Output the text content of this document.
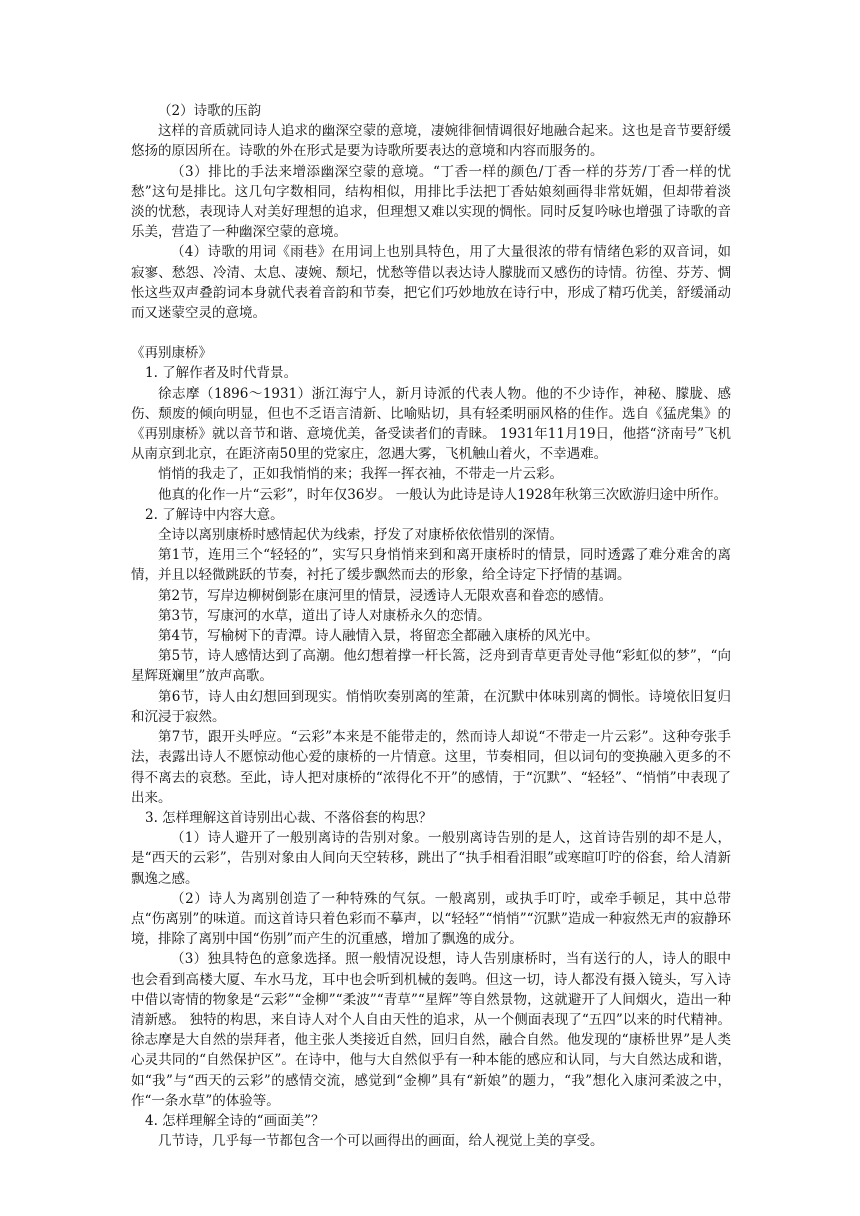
（2）诗歌的压韵

这样的音质就同诗人追求的幽深空蒙的意境，凄婉徘徊情调很好地融合起来。这也是音节要舒缓悠扬的原因所在。诗歌的外在形式是要为诗歌所要表达的意境和内容而服务的。

（3）排比的手法来增添幽深空蒙的意境。“丁香一样的颜色/丁香一样的芬芳/丁香一样的忧愁”这句是排比。这几句字数相同，结构相似，用排比手法把丁香姑娘刻画得非常妩媚，但却带着淡淡的忧愁，表现诗人对美好理想的追求，但理想又难以实现的惆怅。同时反复吟咏也增强了诗歌的音乐美，营造了一种幽深空蒙的意境。

（4）诗歌的用词《雨巷》在用词上也别具特色，用了大量很浓的带有情绪色彩的双音词，如寂寥、愁怨、冷清、太息、凄婉、颓圮，忧愁等借以表达诗人朦胧而又感伤的诗情。彷徨、芬芳、惆怅这些双声叠韵词本身就代表着音韵和节奏，把它们巧妙地放在诗行中，形成了精巧优美，舒缓涌动而又迷蒙空灵的意境。

《再别康桥》

1. 了解作者及时代背景。

徐志摩（1896～1931）浙江海宁人，新月诗派的代表人物。他的不少诗作，神秘、朦胧、感伤、颓废的倾向明显，但也不乏语言清新、比喻贴切，具有轻柔明丽风格的佳作。选自《猛虎集》的《再别康桥》就以音节和谐、意境优美，备受读者们的青睐。 1931年11月19日，他搭“济南号”飞机从南京到北京，在距济南50里的党家庄，忽遇大雾，飞机触山着火，不幸遇难。

悄悄的我走了，正如我悄悄的来；我挥一挥衣袖，不带走一片云彩。

他真的化作一片“云彩”，时年仅36岁。 一般认为此诗是诗人1928年秋第三次欧游归途中所作。

2. 了解诗中内容大意。

全诗以离别康桥时感情起伏为线索，抒发了对康桥依依惜别的深情。

第1节，连用三个“轻轻的”，实写只身悄悄来到和离开康桥时的情景，同时透露了难分难舍的离情，并且以轻微跳跃的节奏，衬托了缓步飘然而去的形象，给全诗定下抒情的基调。

第2节，写岸边柳树倒影在康河里的情景，浸透诗人无限欢喜和眷恋的感情。

第3节，写康河的水草，道出了诗人对康桥永久的恋情。

第4节，写榆树下的青潭。诗人融情入景，将留恋全都融入康桥的风光中。

第5节，诗人感情达到了高潮。他幻想着撑一杆长篙，泛舟到青草更青处寻他“彩虹似的梦”，“向星辉斑斓里”放声高歌。

第6节，诗人由幻想回到现实。悄悄吹奏别离的笙萧，在沉默中体味别离的惆怅。诗境依旧复归和沉浸于寂然。

第7节，跟开头呼应。“云彩”本来是不能带走的，然而诗人却说“不带走一片云彩”。这种夸张手法，表露出诗人不愿惊动他心爱的康桥的一片情意。这里，节奏相同，但以词句的变换融入更多的不得不离去的哀愁。至此，诗人把对康桥的“浓得化不开”的感情，于“沉默”、“轻轻”、“悄悄”中表现了出来。

3. 怎样理解这首诗别出心裁、不落俗套的构思？

（1）诗人避开了一般别离诗的告别对象。一般别离诗告别的是人，这首诗告别的却不是人，是“西天的云彩”，告别对象由人间向天空转移，跳出了“执手相看泪眼”或寒暄叮咛的俗套，给人清新飘逸之感。

（2）诗人为离别创造了一种特殊的气氛。一般离别，或执手叮咛，或牵手顿足，其中总带点“伤离别”的味道。而这首诗只着色彩而不摹声，以“轻轻”“悄悄”“沉默”造成一种寂然无声的寂静环境，排除了离别中国“伤别”而产生的沉重感，增加了飘逸的成分。

（3）独具特色的意象选择。照一般情况设想，诗人告别康桥时，当有送行的人，诗人的眼中也会看到高楼大厦、车水马龙，耳中也会听到机械的轰鸣。但这一切，诗人都没有摄入镜头，写入诗中借以寄情的物象是“云彩”“金柳”“柔波”“青草”“星辉”等自然景物，这就避开了人间烟火，造出一种清新感。 独特的构思，来自诗人对个人自由天性的追求，从一个侧面表现了“五四”以来的时代精神。 徐志摩是大自然的崇拜者，他主张人类接近自然，回归自然，融合自然。他发现的“康桥世界”是人类心灵共同的“自然保护区”。在诗中，他与大自然似乎有一种本能的感应和认同，与大自然达成和谐，如“我”与“西天的云彩”的感情交流，感觉到“金柳”具有“新娘”的题力，“我”想化入康河柔波之中，作“一条水草”的体验等。

4. 怎样理解全诗的“画面美”？

几节诗，几乎每一节都包含一个可以画得出的画面，给人视觉上美的享受。
